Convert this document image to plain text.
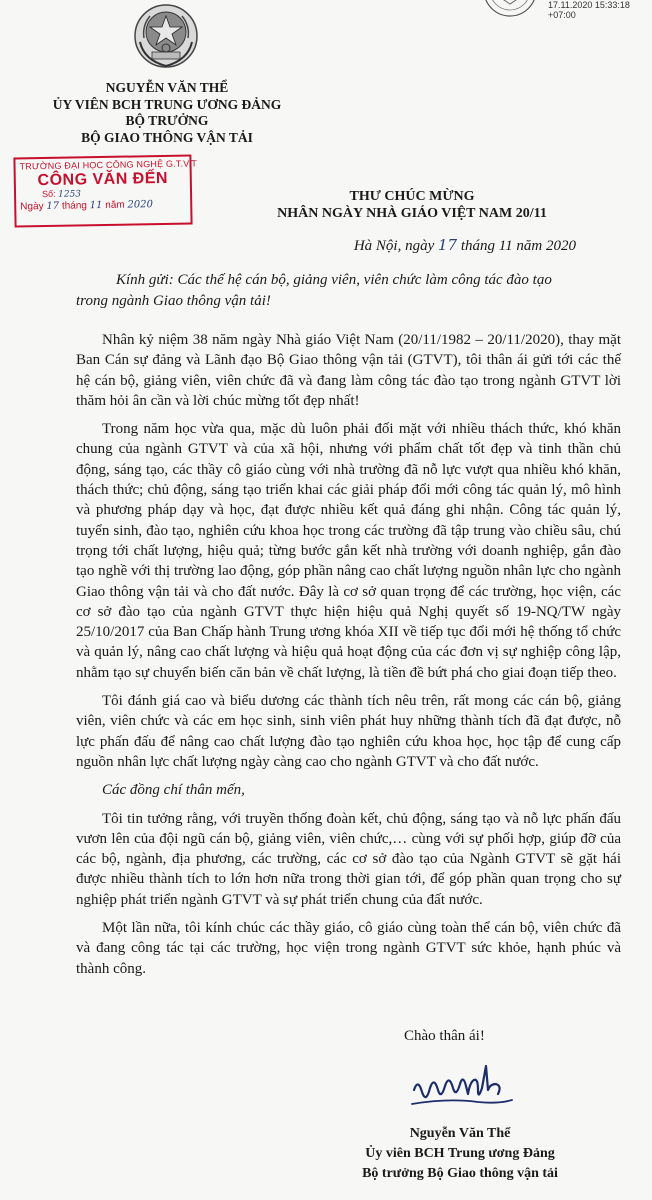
17.11.2020 15:33:18
+07:00
NGUYỄN VĂN THỂ
ỦY VIÊN BCH TRUNG ƯƠNG ĐẢNG
BỘ TRƯỞNG
BỘ GIAO THÔNG VẬN TẢI
TRƯỜNG ĐẠI HỌC CÔNG NGHỆ G.T.V.T
CÔNG VĂN ĐẾN
Số: 1253
Ngày 17 tháng 11 năm 2020
THƯ CHÚC MỪNG
NHÂN NGÀY NHÀ GIÁO VIỆT NAM 20/11
Hà Nội, ngày 17 tháng 11 năm 2020
Kính gửi: Các thế hệ cán bộ, giảng viên, viên chức làm công tác đào tạo
trong ngành Giao thông vận tải!

Nhân kỷ niệm 38 năm ngày Nhà giáo Việt Nam (20/11/1982 – 20/11/2020), thay mặt Ban Cán sự đảng và Lãnh đạo Bộ Giao thông vận tải (GTVT), tôi thân ái gửi tới các thế hệ cán bộ, giảng viên, viên chức đã và đang làm công tác đào tạo trong ngành GTVT lời thăm hỏi ân cần và lời chúc mừng tốt đẹp nhất!

Trong năm học vừa qua, mặc dù luôn phải đối mặt với nhiều thách thức, khó khăn chung của ngành GTVT và của xã hội, nhưng với phẩm chất tốt đẹp và tinh thần chủ động, sáng tạo, các thầy cô giáo cùng với nhà trường đã nỗ lực vượt qua nhiều khó khăn, thách thức; chủ động, sáng tạo triển khai các giải pháp đổi mới công tác quản lý, mô hình và phương pháp dạy và học, đạt được nhiều kết quả đáng ghi nhận. Công tác quản lý, tuyển sinh, đào tạo, nghiên cứu khoa học trong các trường đã tập trung vào chiều sâu, chú trọng tới chất lượng, hiệu quả; từng bước gắn kết nhà trường với doanh nghiệp, gắn đào tạo nghề với thị trường lao động, góp phần nâng cao chất lượng nguồn nhân lực cho ngành Giao thông vận tải và cho đất nước. Đây là cơ sở quan trọng để các trường, học viện, các cơ sở đào tạo của ngành GTVT thực hiện hiệu quả Nghị quyết số 19-NQ/TW ngày 25/10/2017 của Ban Chấp hành Trung ương khóa XII về tiếp tục đổi mới hệ thống tổ chức và quản lý, nâng cao chất lượng và hiệu quả hoạt động của các đơn vị sự nghiệp công lập, nhằm tạo sự chuyển biến căn bản về chất lượng, là tiền đề bứt phá cho giai đoạn tiếp theo.

Tôi đánh giá cao và biểu dương các thành tích nêu trên, rất mong các cán bộ, giảng viên, viên chức và các em học sinh, sinh viên phát huy những thành tích đã đạt được, nỗ lực phấn đấu để nâng cao chất lượng đào tạo nghiên cứu khoa học, học tập để cung cấp nguồn nhân lực chất lượng ngày càng cao cho ngành GTVT và cho đất nước.

Các đồng chí thân mến,

Tôi tin tưởng rằng, với truyền thống đoàn kết, chủ động, sáng tạo và nỗ lực phấn đấu vươn lên của đội ngũ cán bộ, giảng viên, viên chức,… cùng với sự phối hợp, giúp đỡ của các bộ, ngành, địa phương, các trường, các cơ sở đào tạo của Ngành GTVT sẽ gặt hái được nhiều thành tích to lớn hơn nữa trong thời gian tới, để góp phần quan trọng cho sự nghiệp phát triển ngành GTVT và sự phát triển chung của đất nước.

Một lần nữa, tôi kính chúc các thầy giáo, cô giáo cùng toàn thể cán bộ, viên chức đã và đang công tác tại các trường, học viện trong ngành GTVT sức khỏe, hạnh phúc và thành công.

Chào thân ái!
Nguyễn Văn Thể
Ủy viên BCH Trung ương Đảng
Bộ trưởng Bộ Giao thông vận tải
